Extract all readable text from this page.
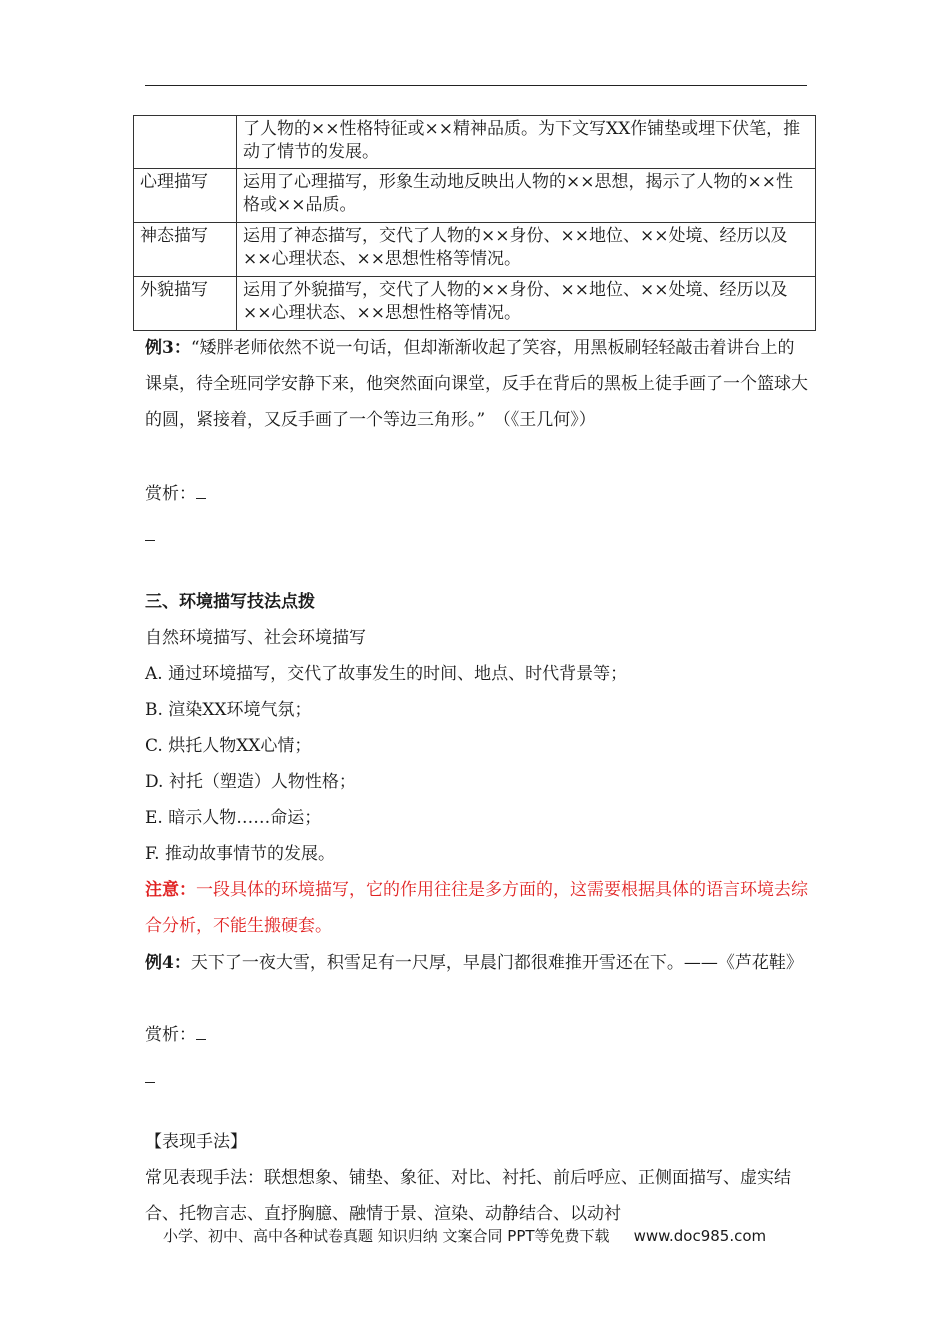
	了人物的××性格特征或××精神品质。为下文写XX作铺垫或埋下伏笔，推动了情节的发展。
心理描写	运用了心理描写，形象生动地反映出人物的××思想，揭示了人物的××性格或××品质。
神态描写	运用了神态描写，交代了人物的××身份、××地位、××处境、经历以及××心理状态、××思想性格等情况。
外貌描写	运用了外貌描写，交代了人物的××身份、××地位、××处境、经历以及××心理状态、××思想性格等情况。

例3：“矮胖老师依然不说一句话，但却渐渐收起了笑容，用黑板刷轻轻敲击着讲台上的课桌，待全班同学安静下来，他突然面向课堂，反手在背后的黑板上徒手画了一个篮球大的圆，紧接着，又反手画了一个等边三角形。”　（《王几何》）

赏析：

三、环境描写技法点拨

自然环境描写、社会环境描写

A. 通过环境描写，交代了故事发生的时间、地点、时代背景等；

B. 渲染XX环境气氛；

C. 烘托人物XX心情；

D. 衬托（塑造）人物性格；

E. 暗示人物……命运；

F. 推动故事情节的发展。

注意：一段具体的环境描写，它的作用往往是多方面的，这需要根据具体的语言环境去综合分析，不能生搬硬套。

例4：天下了一夜大雪，积雪足有一尺厚，早晨门都很难推开雪还在下。——《芦花鞋》

赏析：

【表现手法】

常见表现手法：联想想象、铺垫、象征、对比、衬托、前后呼应、正侧面描写、虚实结合、托物言志、直抒胸臆、融情于景、渲染、动静结合、以动衬

小学、初中、高中各种试卷真题 知识归纳 文案合同 PPT等免费下载 www.doc985.com
